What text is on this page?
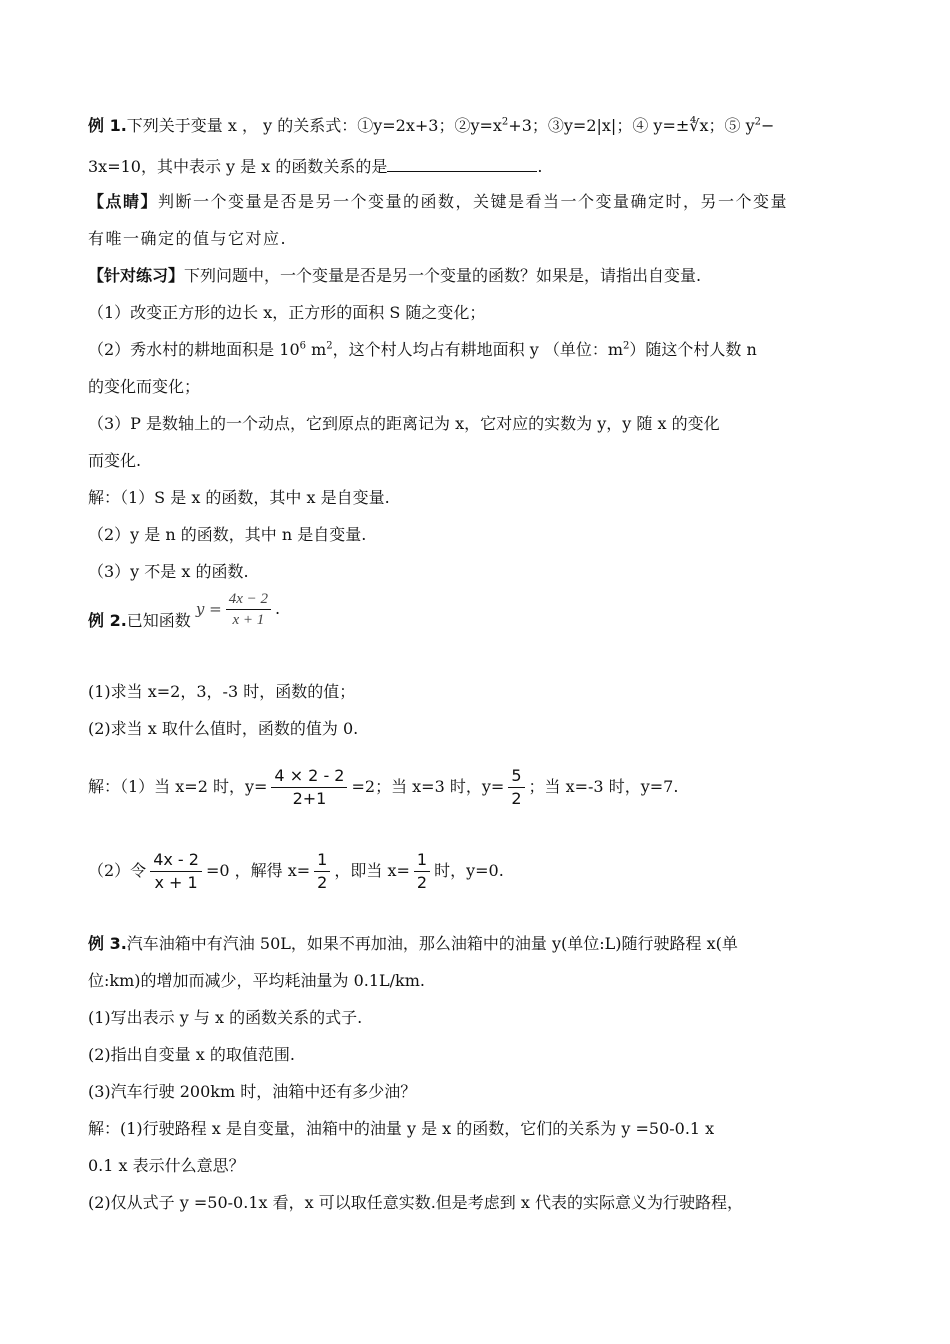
例 1.下列关于变量 x ， y 的关系式：①y=2x+3；$②y=x^2+3$；③y=2|x|；④ y=±∜x；⑤ $y^2-$
3x=10，其中表示 y 是 x 的函数关系的是	.
【点睛】判断一个变量是否是另一个变量的函数，关键是看当一个变量确定时，另一个变量
有唯一确定的值与它对应.
【针对练习】下列问题中，一个变量是否是另一个变量的函数？如果是，请指出自变量.
（1）改变正方形的边长 x，正方形的面积 S 随之变化；
（2）秀水村的耕地面积是 $10^6$ $m^2$，这个村人均占有耕地面积 y （单位：$m^2$）随这个村人数 n
的变化而变化；
（3）P 是数轴上的一个动点，它到原点的距离记为 x，它对应的实数为 y，y 随 x 的变化
而变化.
解：（1）S 是 x 的函数，其中 x 是自变量.
（2）y 是 n 的函数，其中 n 是自变量.
（3）y 不是 x 的函数.
例 2.已知函数 $y = \frac{4x - 2}{x + 1}$ .
(1)求当 x=2，3，-3 时，函数的值；
(2)求当 x 取什么值时，函数的值为 0.
解：（1）当 x=2 时，$y= \frac{4 \times 2 - 2}{2+1} =2$；当 x=3 时，$y= \frac{5}{2}$ ；当 x=-3 时，y=7.
（2）令 $\frac{4x - 2}{x + 1} =0$ ，解得 $x= \frac{1}{2}$ ，即当 $x= \frac{1}{2}$ 时，y=0.
例 3.汽车油箱中有汽油 50L，如果不再加油，那么油箱中的油量 y(单位:L)随行驶路程 x(单
位:km)的增加而减少，平均耗油量为 0.1L/km.
(1)写出表示 y 与 x 的函数关系的式子.
(2)指出自变量 x 的取值范围.
(3)汽车行驶 200km 时，油箱中还有多少油？
解：(1)行驶路程 x 是自变量，油箱中的油量 y 是 x 的函数，它们的关系为 y =50-0.1 x
0.1 x 表示什么意思？
(2)仅从式子 y =50-0.1x 看，x 可以取任意实数.但是考虑到 x 代表的实际意义为行驶路程，
